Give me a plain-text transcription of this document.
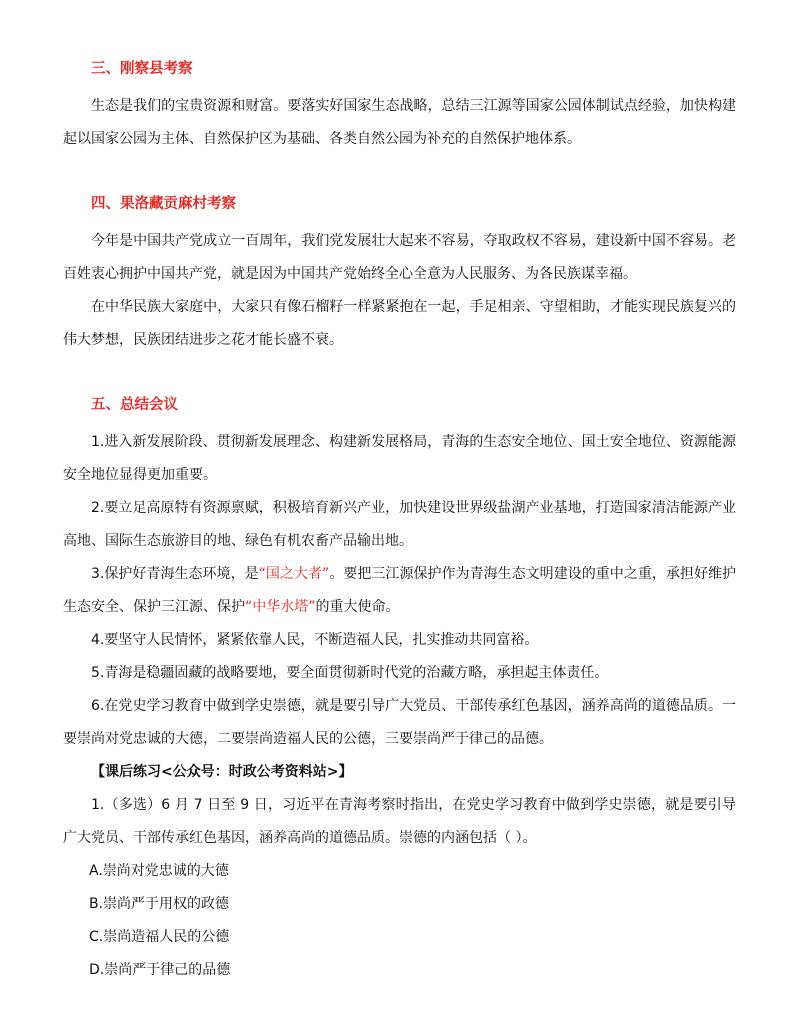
三、刚察县考察

生态是我们的宝贵资源和财富。要落实好国家生态战略，总结三江源等国家公园体制试点经验，加快构建起以国家公园为主体、自然保护区为基础、各类自然公园为补充的自然保护地体系。

四、果洛藏贡麻村考察

今年是中国共产党成立一百周年，我们党发展壮大起来不容易，夺取政权不容易，建设新中国不容易。老百姓衷心拥护中国共产党，就是因为中国共产党始终全心全意为人民服务、为各民族谋幸福。

在中华民族大家庭中，大家只有像石榴籽一样紧紧抱在一起，手足相亲、守望相助，才能实现民族复兴的伟大梦想，民族团结进步之花才能长盛不衰。

五、总结会议

1.进入新发展阶段、贯彻新发展理念、构建新发展格局，青海的生态安全地位、国土安全地位、资源能源安全地位显得更加重要。

2.要立足高原特有资源禀赋，积极培育新兴产业，加快建设世界级盐湖产业基地，打造国家清洁能源产业高地、国际生态旅游目的地、绿色有机农畜产品输出地。

3.保护好青海生态环境，是“国之大者”。要把三江源保护作为青海生态文明建设的重中之重，承担好维护生态安全、保护三江源、保护“中华水塔”的重大使命。

4.要坚守人民情怀，紧紧依靠人民，不断造福人民，扎实推动共同富裕。

5.青海是稳疆固藏的战略要地，要全面贯彻新时代党的治藏方略，承担起主体责任。

6.在党史学习教育中做到学史崇德，就是要引导广大党员、干部传承红色基因，涵养高尚的道德品质。一要崇尚对党忠诚的大德，二要崇尚造福人民的公德，三要崇尚严于律己的品德。

【课后练习<公众号：时政公考资料站>】

1.（多选）6 月 7 日至 9 日，习近平在青海考察时指出，在党史学习教育中做到学史崇德，就是要引导广大党员、干部传承红色基因，涵养高尚的道德品质。崇德的内涵包括（ ）。

A.崇尚对党忠诚的大德

B.崇尚严于用权的政德

C.崇尚造福人民的公德

D.崇尚严于律己的品德
